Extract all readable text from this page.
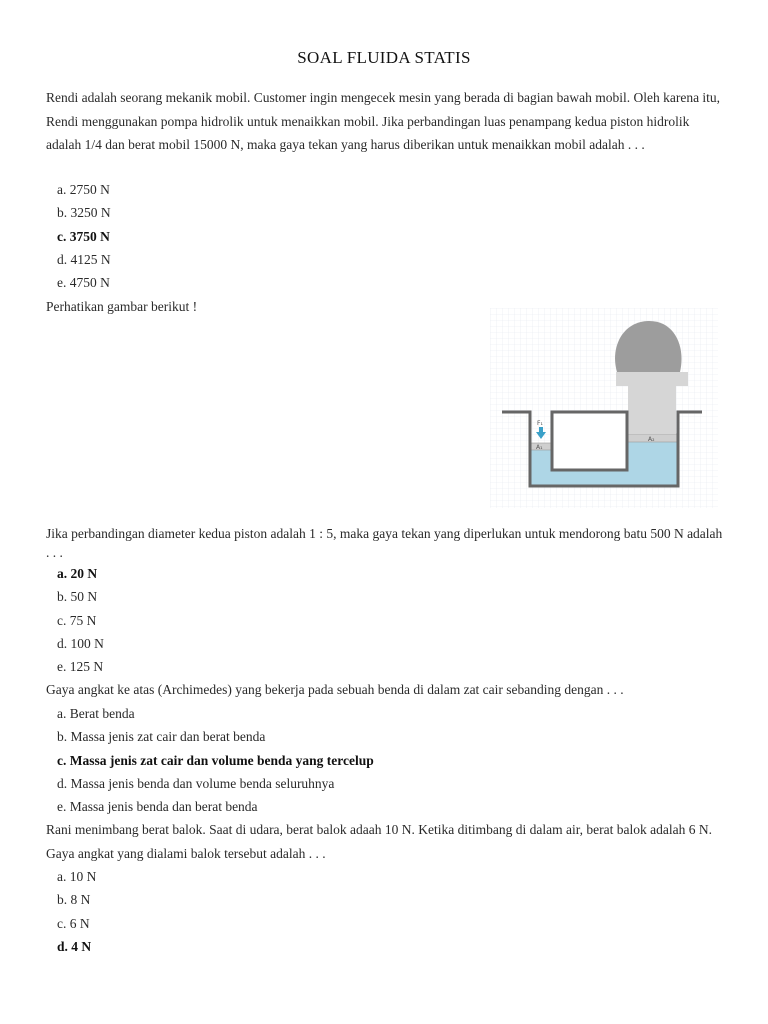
SOAL FLUIDA STATIS

Rendi adalah seorang mekanik mobil. Customer ingin mengecek mesin yang berada di bagian bawah mobil. Oleh karena itu, Rendi menggunakan pompa hidrolik untuk menaikkan mobil. Jika perbandingan luas penampang kedua piston hidrolik adalah 1/4 dan berat mobil 15000 N, maka gaya tekan yang harus diberikan untuk menaikkan mobil adalah . . .

a. 2750 N
b. 3250 N
c. 3750 N
d. 4125 N
e. 4750 N

Perhatikan gambar berikut !

F₁
A₁
A₂

Jika perbandingan diameter kedua piston adalah 1 : 5, maka gaya tekan yang diperlukan untuk mendorong batu 500 N adalah . . .

a. 20 N
b. 50 N
c. 75 N
d. 100 N
e. 125 N

Gaya angkat ke atas (Archimedes) yang bekerja pada sebuah benda di dalam zat cair sebanding dengan . . .

a. Berat benda
b. Massa jenis zat cair dan berat benda
c. Massa jenis zat cair dan volume benda yang tercelup
d. Massa jenis benda dan volume benda seluruhnya
e. Massa jenis benda dan berat benda

Rani menimbang berat balok. Saat di udara, berat balok adaah 10 N. Ketika ditimbang di dalam air, berat balok adalah 6 N. Gaya angkat yang dialami balok tersebut adalah . . .

a. 10 N
b. 8 N
c. 6 N
d. 4 N
